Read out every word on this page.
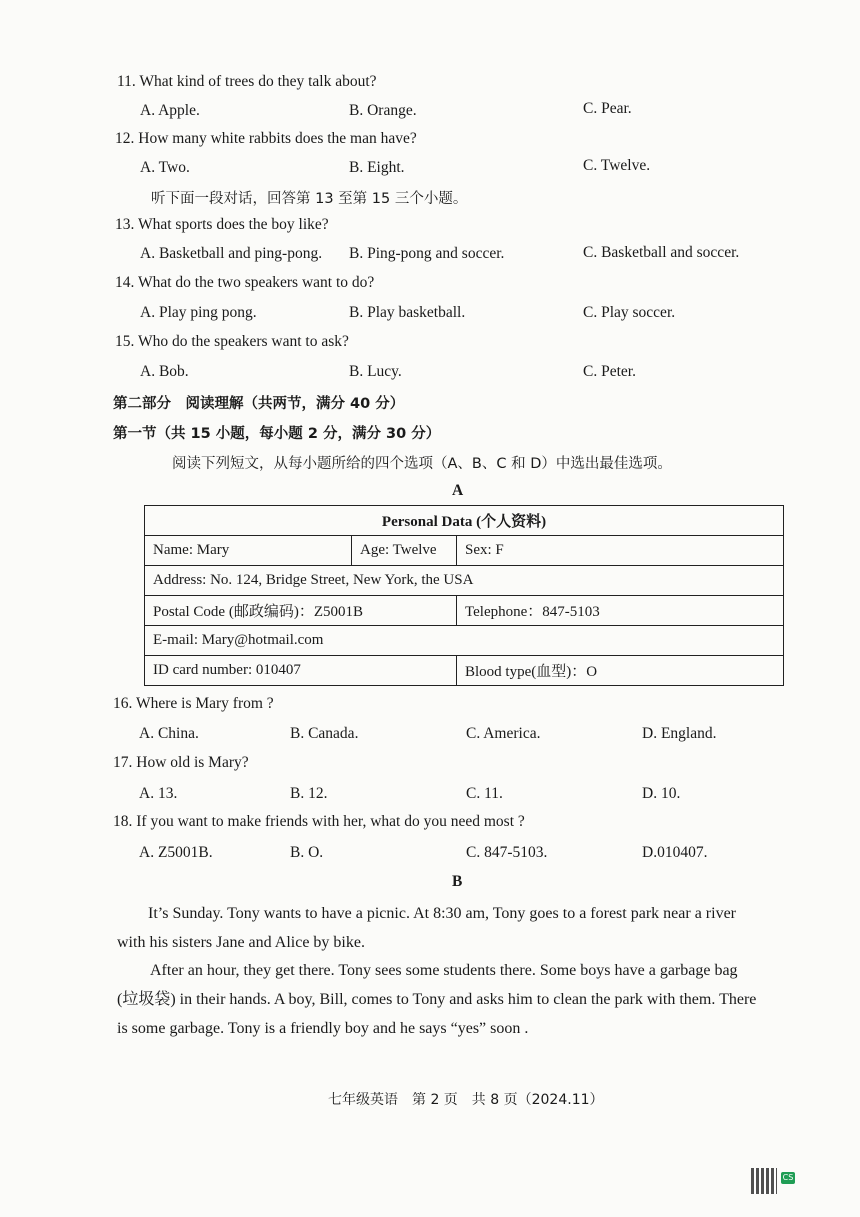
11. What kind of trees do they talk about?
A. Apple.	B. Orange.	C. Pear.
12. How many white rabbits does the man have?
A. Two.	B. Eight.	C. Twelve.
听下面一段对话，回答第 13 至第 15 三个小题。
13. What sports does the boy like?
A. Basketball and ping-pong. B. Ping-pong and soccer.	C. Basketball and soccer.
14. What do the two speakers want to do?
A. Play ping pong.	B. Play basketball.	C. Play soccer.
15. Who do the speakers want to ask?
A. Bob.	B. Lucy.	C. Peter.
第二部分　阅读理解（共两节，满分 40 分）
第一节（共 15 小题，每小题 2 分，满分 30 分）
阅读下列短文，从每小题所给的四个选项（A、B、C 和 D）中选出最佳选项。
A
Personal Data (个人资料)		
Name: Mary	Age: Twelve	Sex: F
Address: No. 124, Bridge Street, New York, the USA		
Postal Code (邮政编码)：Z5001B		Telephone：847-5103
E-mail: Mary@hotmail.com		
ID card number: 010407		Blood type(血型)：O
16. Where is Mary from ?
A. China.	B. Canada.	C. America.	D. England.
17. How old is Mary?
A. 13.	B. 12.	C. 11.	D. 10.
18. If you want to make friends with her, what do you need most ?
A. Z5001B.	B. O.	C. 847-5103.	D.010407.
B
It’s Sunday. Tony wants to have a picnic. At 8:30 am, Tony goes to a forest park near a river
with his sisters Jane and Alice by bike.
After an hour, they get there. Tony sees some students there. Some boys have a garbage bag
(垃圾袋) in their hands. A boy, Bill, comes to Tony and asks him to clean the park with them. There
is some garbage. Tony is a friendly boy and he says “yes” soon .
七年级英语　第 2 页　共 8 页（2024.11）
CS
